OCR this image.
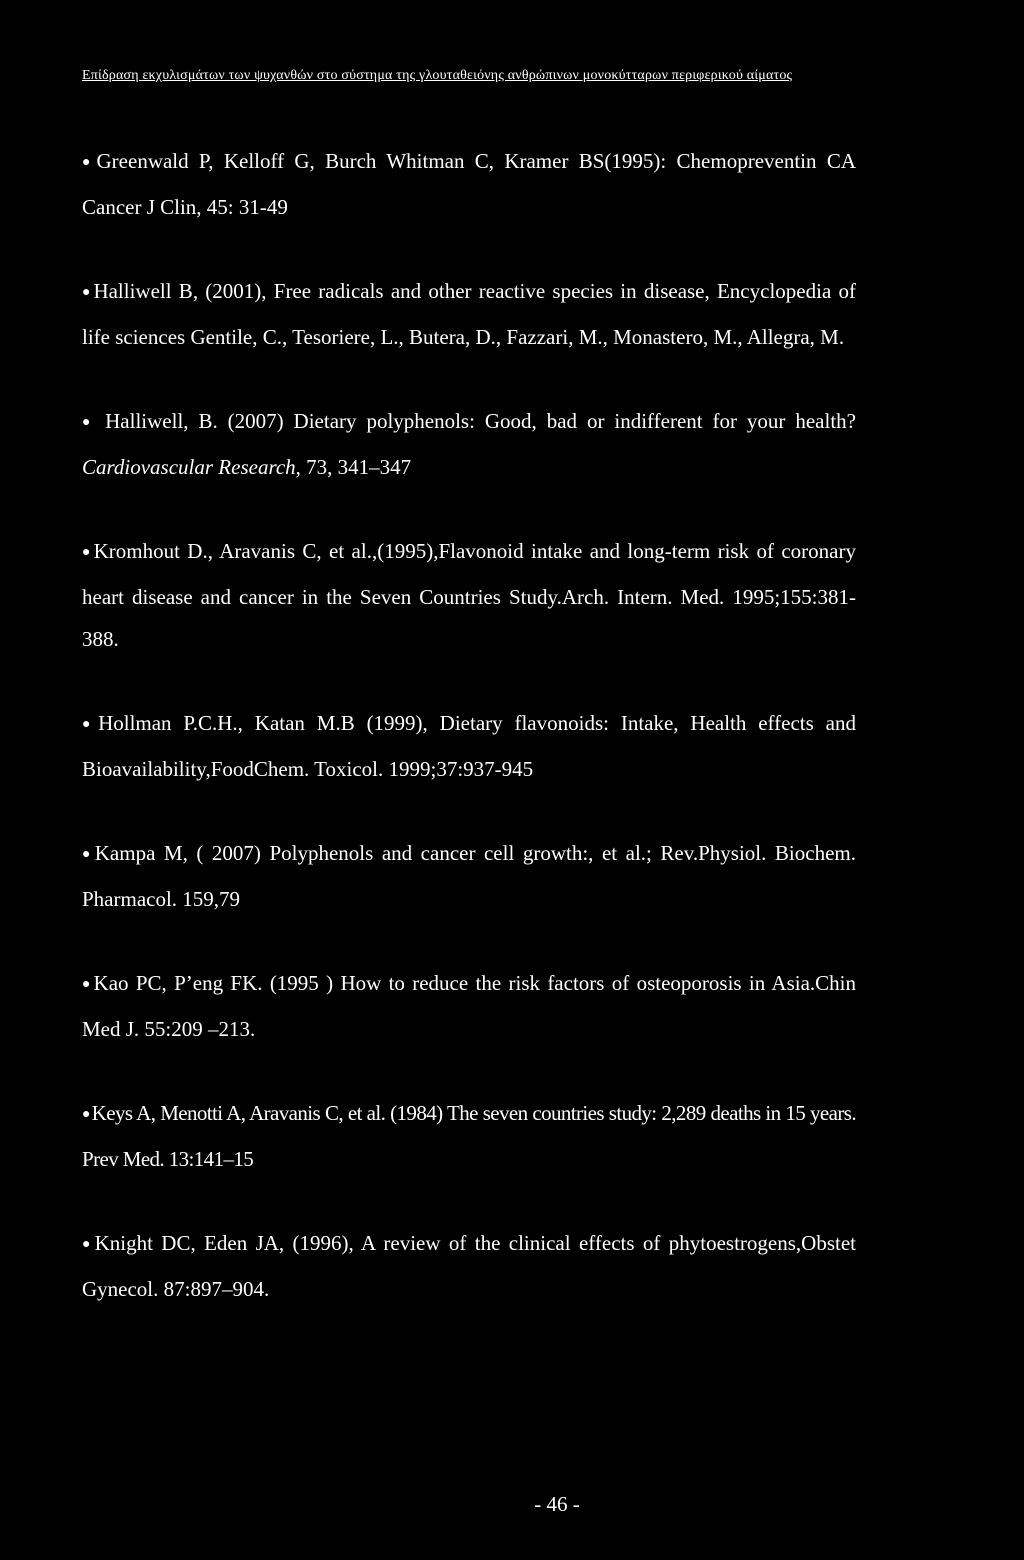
Επίδραση εκχυλισμάτων των ψυχανθών στο σύστημα της γλουταθειόνης ανθρώπινων μονοκύτταρων περιφερικού αίματος

●Greenwald P, Kelloff G, Burch Whitman C, Kramer BS(1995): Chemopreventin CA Cancer J Clin, 45: 31-49

●Halliwell B, (2001), Free radicals and other reactive species in disease, Encyclopedia of life sciences Gentile, C., Tesoriere, L., Butera, D., Fazzari, M., Monastero, M., Allegra, M.

● Halliwell, B. (2007) Dietary polyphenols: Good, bad or indifferent for your health? Cardiovascular Research, 73, 341–347

●Kromhout D., Aravanis C, et al.,(1995),Flavonoid intake and long-term risk of coronary heart disease and cancer in the Seven Countries Study.Arch. Intern. Med. 1995;155:381-388.

●Hollman P.C.H., Katan M.B (1999), Dietary flavonoids: Intake, Health effects and Bioavailability,FoodChem. Toxicol. 1999;37:937-945

●Kampa M, ( 2007) Polyphenols and cancer cell growth:, et al.; Rev.Physiol. Biochem. Pharmacol. 159,79

●Kao PC, P’eng FK. (1995 ) How to reduce the risk factors of osteoporosis in Asia.Chin Med J. 55:209 –213.

●Keys A, Menotti A, Aravanis C, et al. (1984) The seven countries study: 2,289 deaths in 15 years. Prev Med. 13:141–15

●Knight DC, Eden JA, (1996), A review of the clinical effects of phytoestrogens,Obstet Gynecol. 87:897–904.

- 46 -
